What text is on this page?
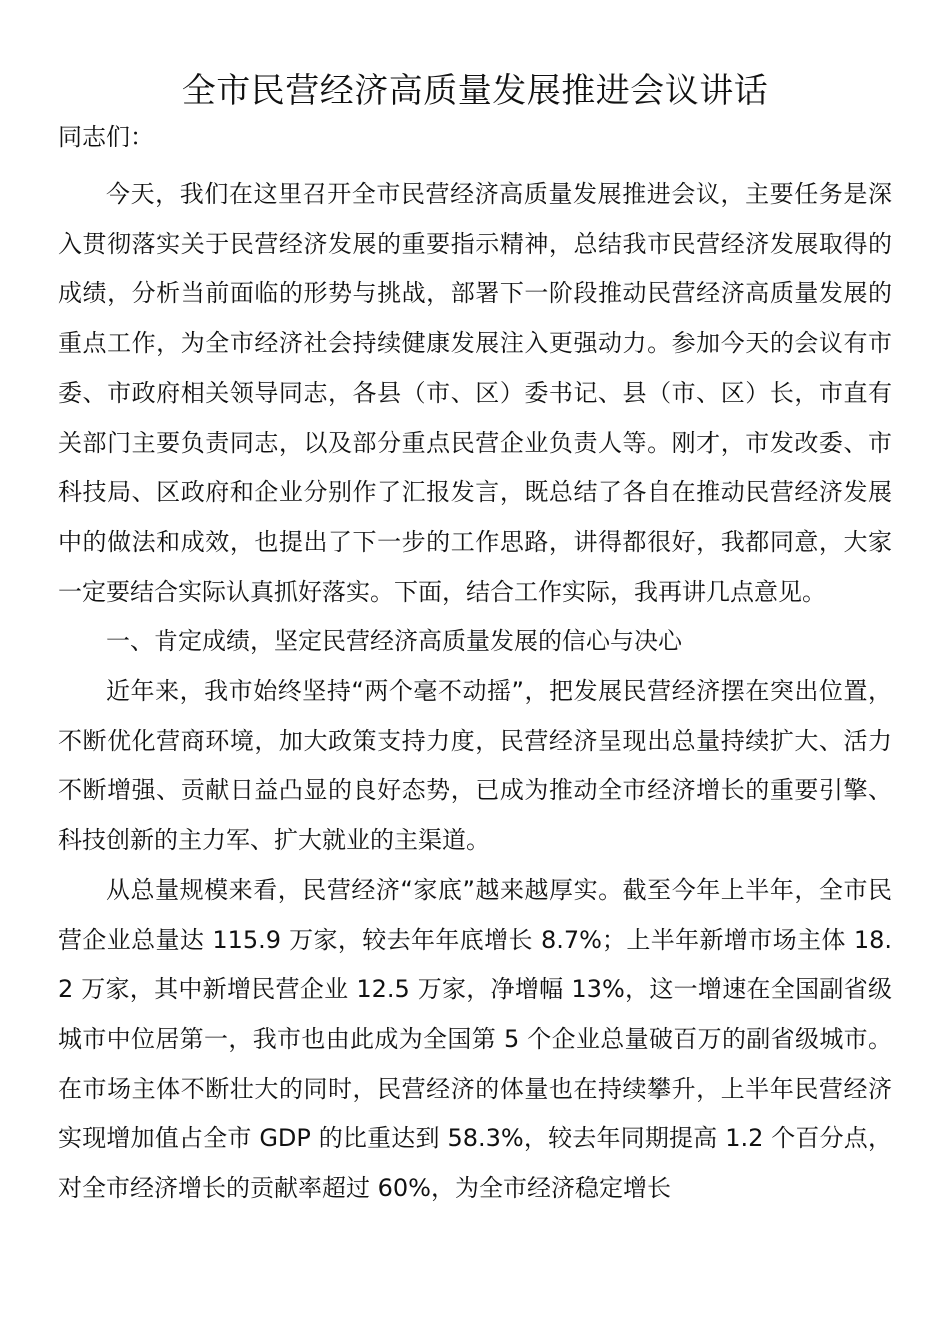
全市民营经济高质量发展推进会议讲话

同志们：

今天，我们在这里召开全市民营经济高质量发展推进会议，主要任务是深入贯彻落实关于民营经济发展的重要指示精神，总结我市民营经济发展取得的成绩，分析当前面临的形势与挑战，部署下一阶段推动民营经济高质量发展的重点工作，为全市经济社会持续健康发展注入更强动力。参加今天的会议有市委、市政府相关领导同志，各县（市、区）委书记、县（市、区）长，市直有关部门主要负责同志，以及部分重点民营企业负责人等。刚才，市发改委、市科技局、区政府和企业分别作了汇报发言，既总结了各自在推动民营经济发展中的做法和成效，也提出了下一步的工作思路，讲得都很好，我都同意，大家一定要结合实际认真抓好落实。下面，结合工作实际，我再讲几点意见。

一、肯定成绩，坚定民营经济高质量发展的信心与决心

近年来，我市始终坚持“两个毫不动摇”，把发展民营经济摆在突出位置，不断优化营商环境，加大政策支持力度，民营经济呈现出总量持续扩大、活力不断增强、贡献日益凸显的良好态势，已成为推动全市经济增长的重要引擎、科技创新的主力军、扩大就业的主渠道。

从总量规模来看，民营经济“家底”越来越厚实。截至今年上半年，全市民营企业总量达 115.9 万家，较去年年底增长 8.7%；上半年新增市场主体 18.2 万家，其中新增民营企业 12.5 万家，净增幅 13%，这一增速在全国副省级城市中位居第一，我市也由此成为全国第 5 个企业总量破百万的副省级城市。在市场主体不断壮大的同时，民营经济的体量也在持续攀升，上半年民营经济实现增加值占全市 GDP 的比重达到 58.3%，较去年同期提高 1.2 个百分点，对全市经济增长的贡献率超过 60%，为全市经济稳定增长
